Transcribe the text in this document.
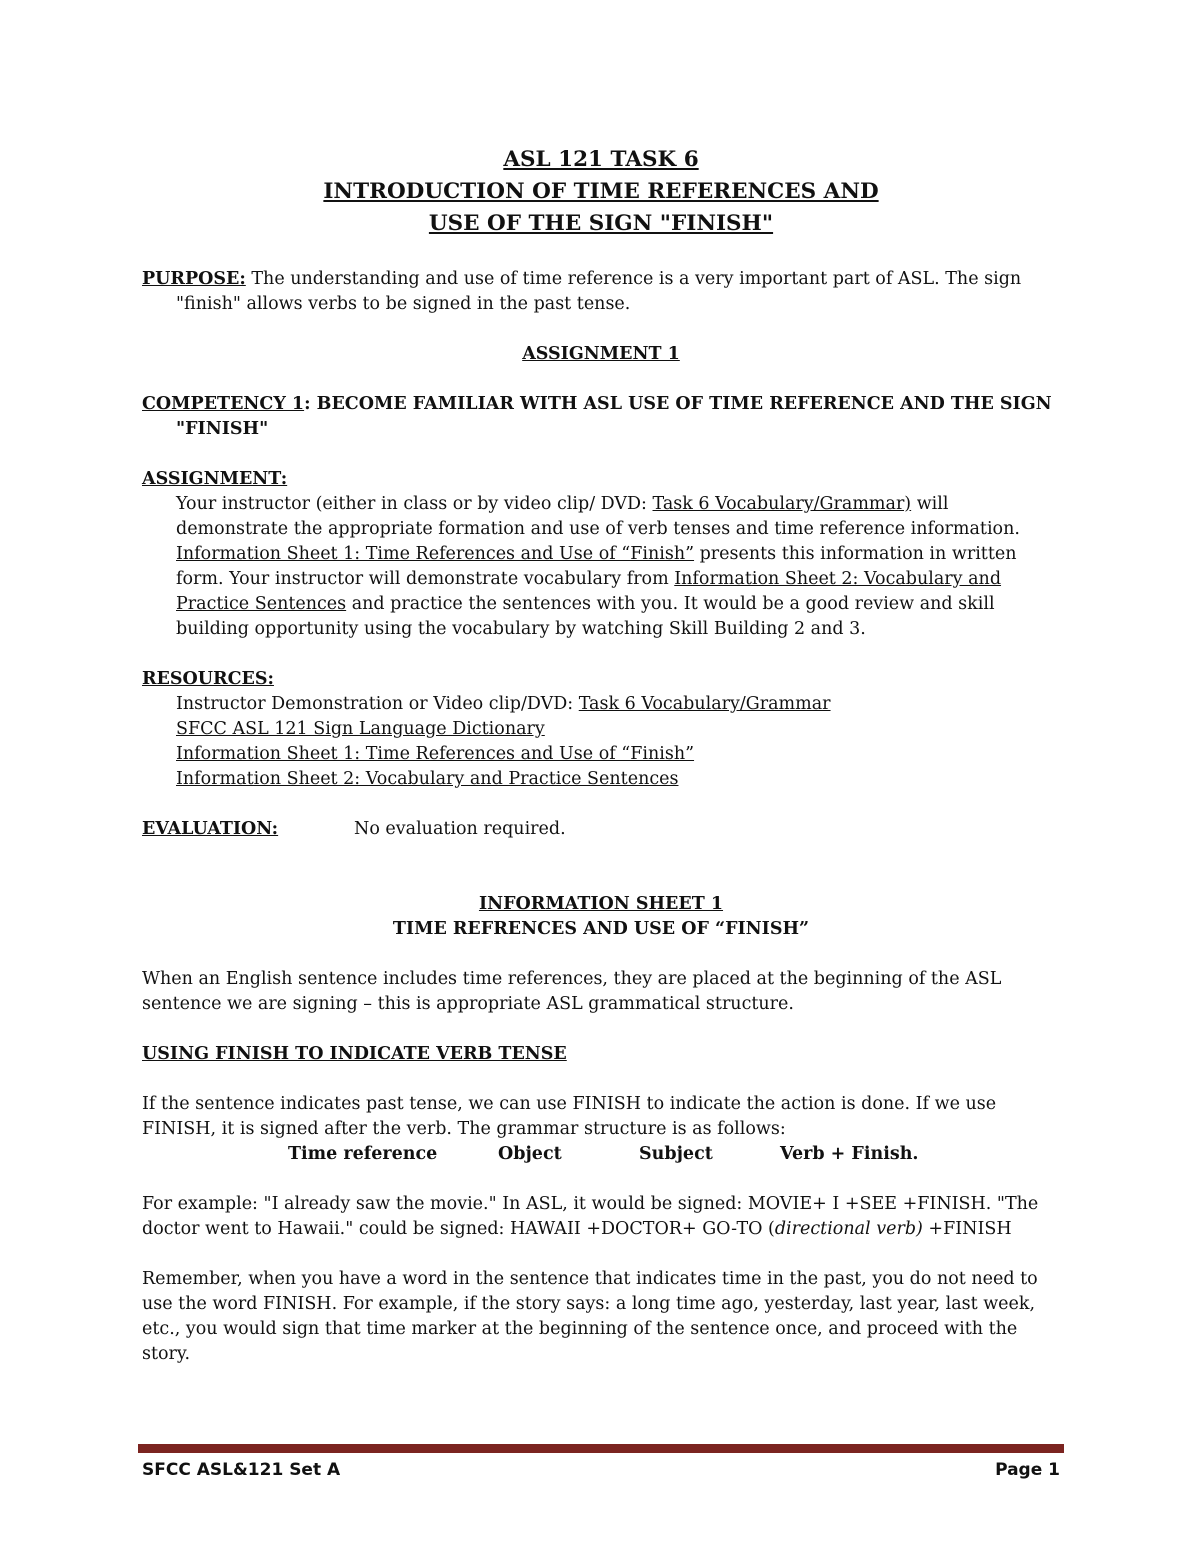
ASL 121 TASK 6
INTRODUCTION OF TIME REFERENCES AND
USE OF THE SIGN "FINISH"

PURPOSE: The understanding and use of time reference is a very important part of ASL. The sign "finish" allows verbs to be signed in the past tense.

ASSIGNMENT 1

COMPETENCY 1: BECOME FAMILIAR WITH ASL USE OF TIME REFERENCE AND THE SIGN "FINISH"

ASSIGNMENT:

Your instructor (either in class or by video clip/ DVD: Task 6 Vocabulary/Grammar) will demonstrate the appropriate formation and use of verb tenses and time reference information. Information Sheet 1: Time References and Use of “Finish” presents this information in written form. Your instructor will demonstrate vocabulary from Information Sheet 2: Vocabulary and Practice Sentences and practice the sentences with you. It would be a good review and skill building opportunity using the vocabulary by watching Skill Building 2 and 3.

RESOURCES:

Instructor Demonstration or Video clip/DVD: Task 6 Vocabulary/Grammar

SFCC ASL 121 Sign Language Dictionary

Information Sheet 1: Time References and Use of “Finish”

Information Sheet 2: Vocabulary and Practice Sentences

EVALUATION:	No evaluation required.

INFORMATION SHEET 1

TIME REFRENCES AND USE OF “FINISH”

When an English sentence includes time references, they are placed at the beginning of the ASL sentence we are signing – this is appropriate ASL grammatical structure.

USING FINISH TO INDICATE VERB TENSE

If the sentence indicates past tense, we can use FINISH to indicate the action is done. If we use FINISH, it is signed after the verb. The grammar structure is as follows:

Time reference	Object	Subject	Verb + Finish.

For example: "I already saw the movie." In ASL, it would be signed: MOVIE+ I +SEE +FINISH. "The doctor went to Hawaii." could be signed: HAWAII +DOCTOR+ GO-TO (directional verb) +FINISH

Remember, when you have a word in the sentence that indicates time in the past, you do not need to use the word FINISH. For example, if the story says: a long time ago, yesterday, last year, last week, etc., you would sign that time marker at the beginning of the sentence once, and proceed with the story.

SFCC ASL&121 Set A	Page 1
